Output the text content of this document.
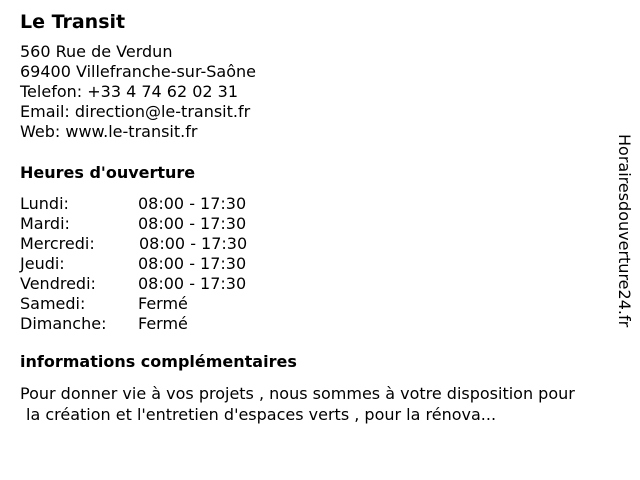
Le Transit
560 Rue de Verdun
69400 Villefranche-sur-Saône
Telefon: +33 4 74 62 02 31
Email: direction@le-transit.fr
Web: www.le-transit.fr
Heures d'ouverture
Lundi:	08:00 - 17:30
Mardi:	08:00 - 17:30
Mercredi:	08:00 - 17:30
Jeudi:	08:00 - 17:30
Vendredi:	08:00 - 17:30
Samedi:	Fermé
Dimanche:	Fermé
informations complémentaires
Pour donner vie à vos projets , nous sommes à votre disposition pour
la création et l'entretien d'espaces verts , pour la rénova...
Horairesdouverture24.fr
